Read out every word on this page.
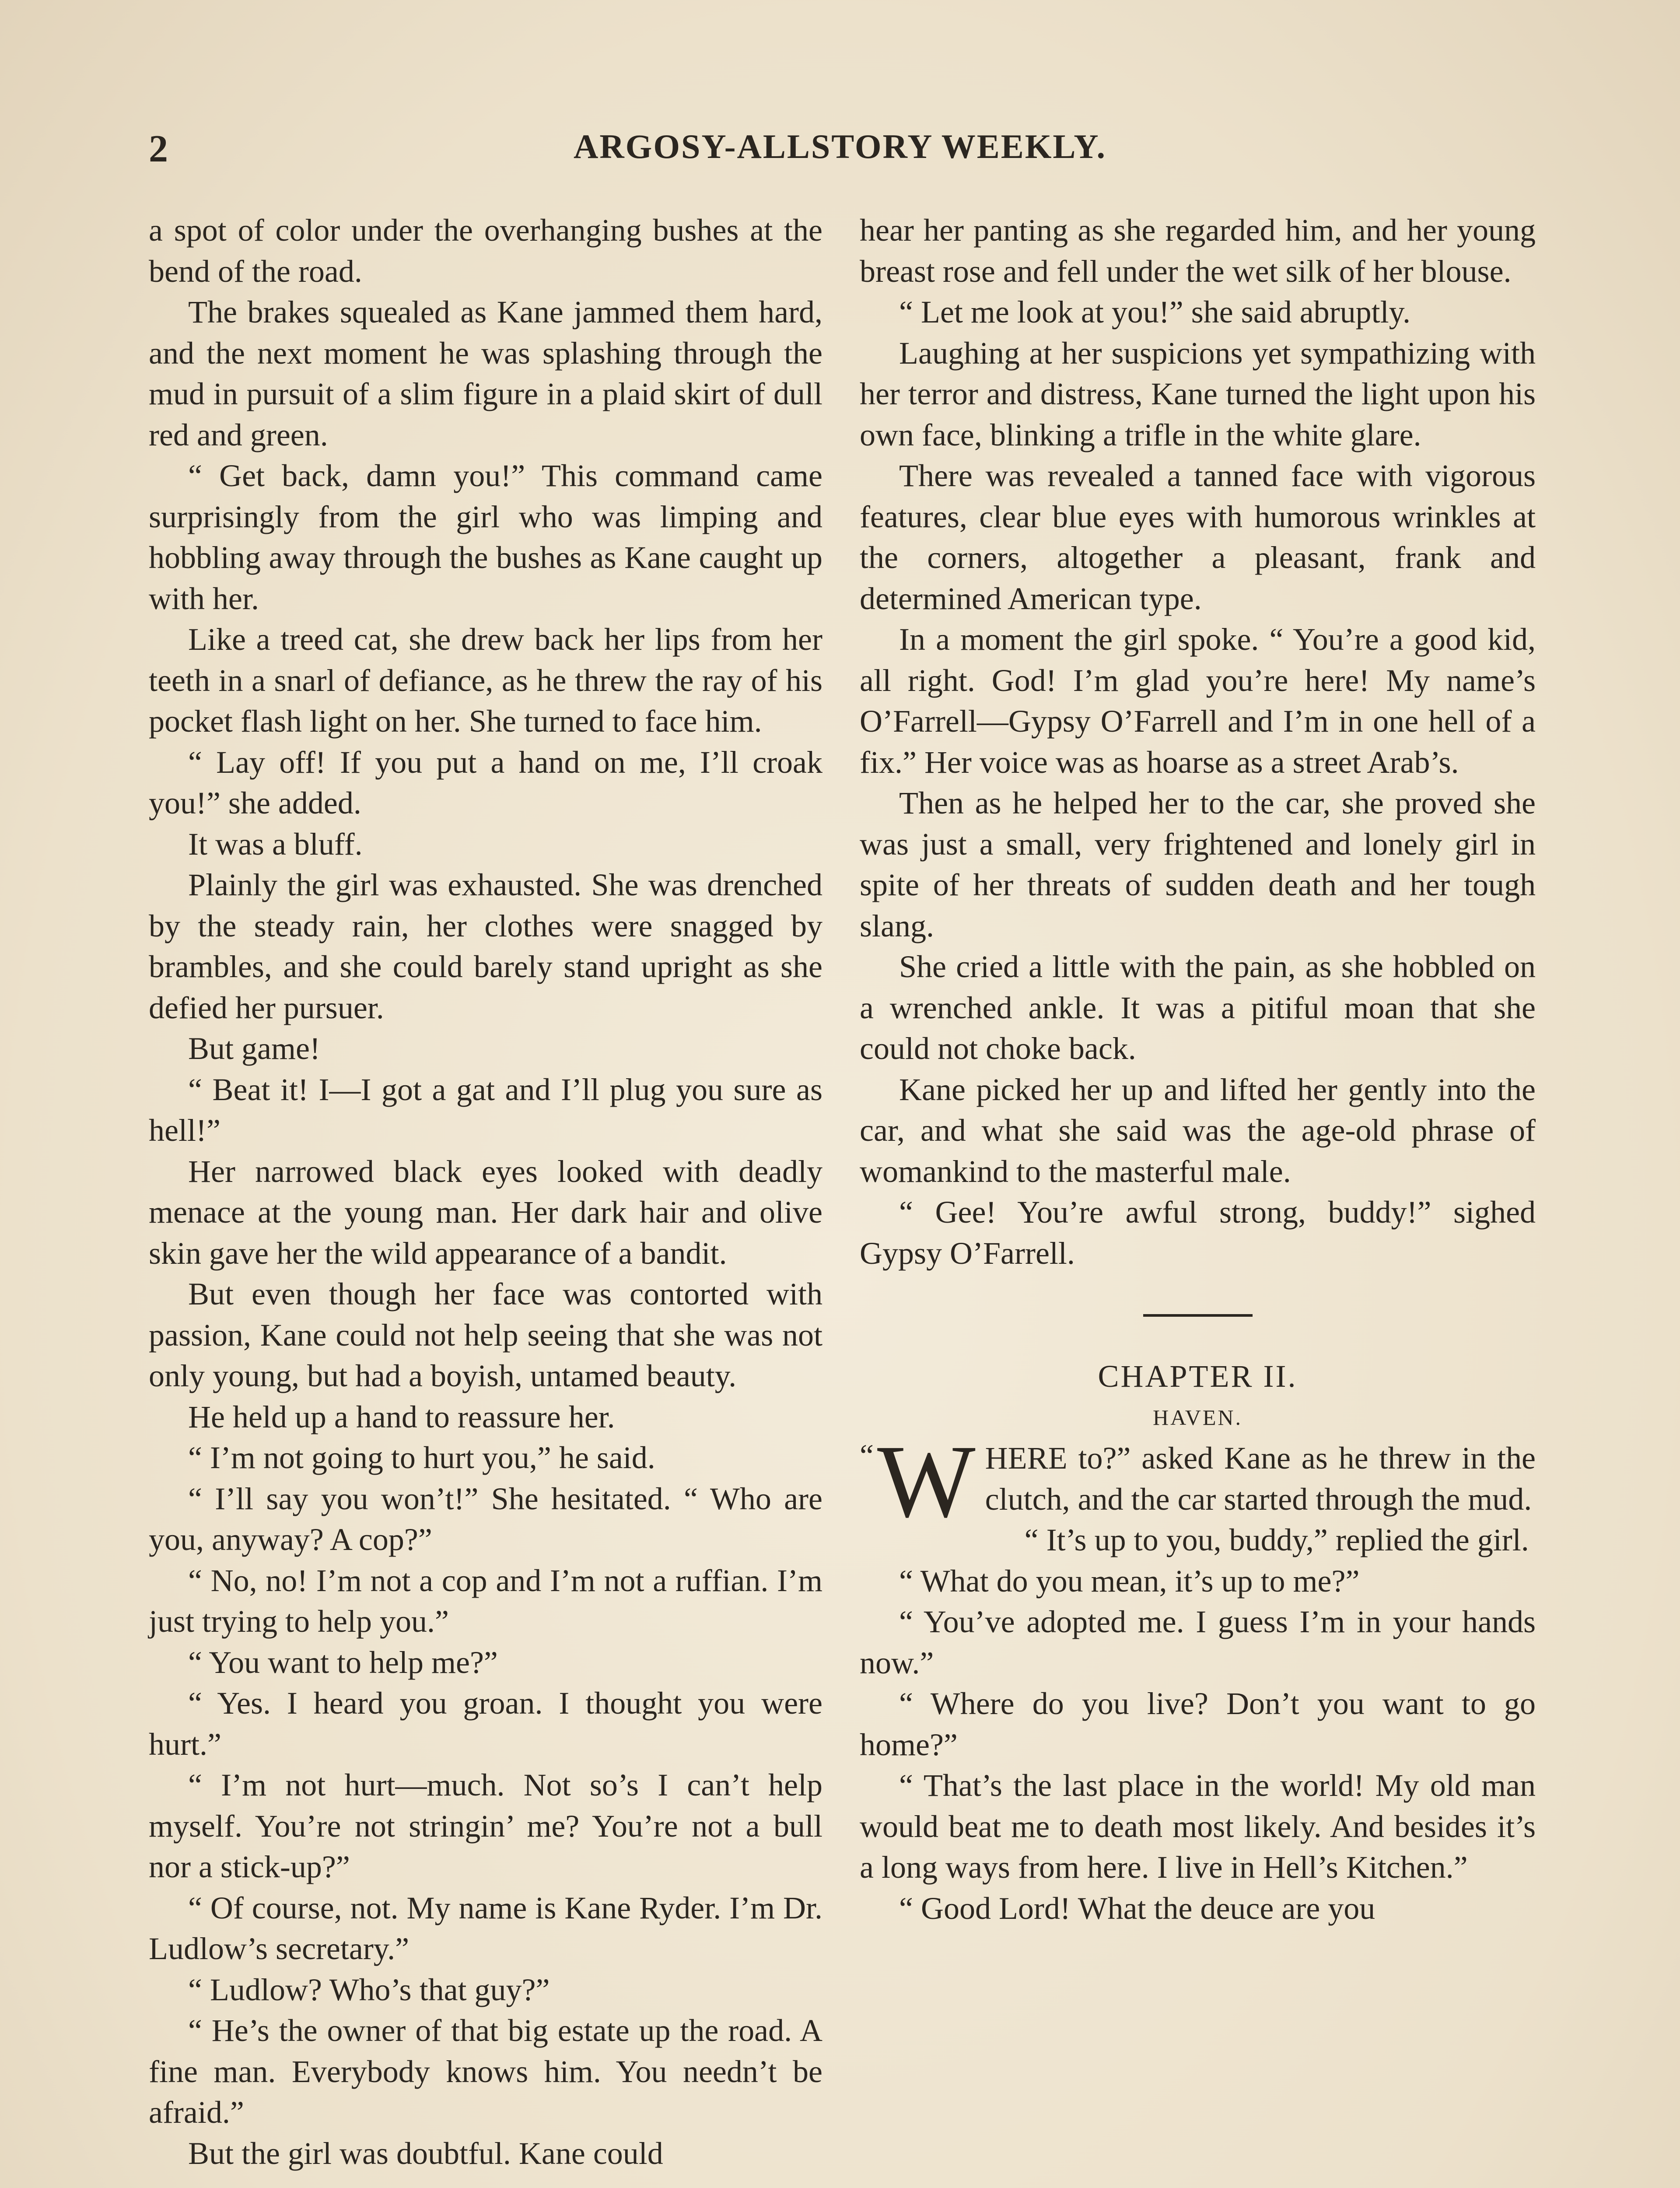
2	ARGOSY-ALLSTORY WEEKLY.

a spot of color under the overhanging bushes at the bend of the road.

The brakes squealed as Kane jammed them hard, and the next moment he was splashing through the mud in pursuit of a slim figure in a plaid skirt of dull red and green.

“ Get back, damn you!” This command came surprisingly from the girl who was limping and hobbling away through the bushes as Kane caught up with her.

Like a treed cat, she drew back her lips from her teeth in a snarl of defiance, as he threw the ray of his pocket flash light on her. She turned to face him.

“ Lay off! If you put a hand on me, I’ll croak you!” she added.

It was a bluff.

Plainly the girl was exhausted. She was drenched by the steady rain, her clothes were snagged by brambles, and she could barely stand upright as she defied her pursuer.

But game!

“ Beat it! I—I got a gat and I’ll plug you sure as hell!”

Her narrowed black eyes looked with deadly menace at the young man. Her dark hair and olive skin gave her the wild appearance of a bandit.

But even though her face was contorted with passion, Kane could not help seeing that she was not only young, but had a boyish, untamed beauty.

He held up a hand to reassure her.

“ I’m not going to hurt you,” he said.

“ I’ll say you won’t!” She hesitated. “ Who are you, anyway? A cop?”

“ No, no! I’m not a cop and I’m not a ruffian. I’m just trying to help you.”

“ You want to help me?”

“ Yes. I heard you groan. I thought you were hurt.”

“ I’m not hurt—much. Not so’s I can’t help myself. You’re not stringin’ me? You’re not a bull nor a stick-up?”

“ Of course, not. My name is Kane Ryder. I’m Dr. Ludlow’s secretary.”

“ Ludlow? Who’s that guy?”

“ He’s the owner of that big estate up the road. A fine man. Everybody knows him. You needn’t be afraid.”

But the girl was doubtful. Kane could

hear her panting as she regarded him, and her young breast rose and fell under the wet silk of her blouse.

“ Let me look at you!” she said abruptly.

Laughing at her suspicions yet sympathizing with her terror and distress, Kane turned the light upon his own face, blinking a trifle in the white glare.

There was revealed a tanned face with vigorous features, clear blue eyes with humorous wrinkles at the corners, altogether a pleasant, frank and determined American type.

In a moment the girl spoke. “ You’re a good kid, all right. God! I’m glad you’re here! My name’s O’Farrell—Gypsy O’Farrell and I’m in one hell of a fix.” Her voice was as hoarse as a street Arab’s.

Then as he helped her to the car, she proved she was just a small, very frightened and lonely girl in spite of her threats of sudden death and her tough slang.

She cried a little with the pain, as she hobbled on a wrenched ankle. It was a pitiful moan that she could not choke back.

Kane picked her up and lifted her gently into the car, and what she said was the age-old phrase of womankind to the masterful male.

“ Gee! You’re awful strong, buddy!” sighed Gypsy O’Farrell.

CHAPTER II.

HAVEN.

“ W HERE to?” asked Kane as he threw in the clutch, and the car started through the mud.

“ It’s up to you, buddy,” replied the girl.

“ What do you mean, it’s up to me?”

“ You’ve adopted me. I guess I’m in your hands now.”

“ Where do you live? Don’t you want to go home?”

“ That’s the last place in the world! My old man would beat me to death most likely. And besides it’s a long ways from here. I live in Hell’s Kitchen.”

“ Good Lord! What the deuce are you
